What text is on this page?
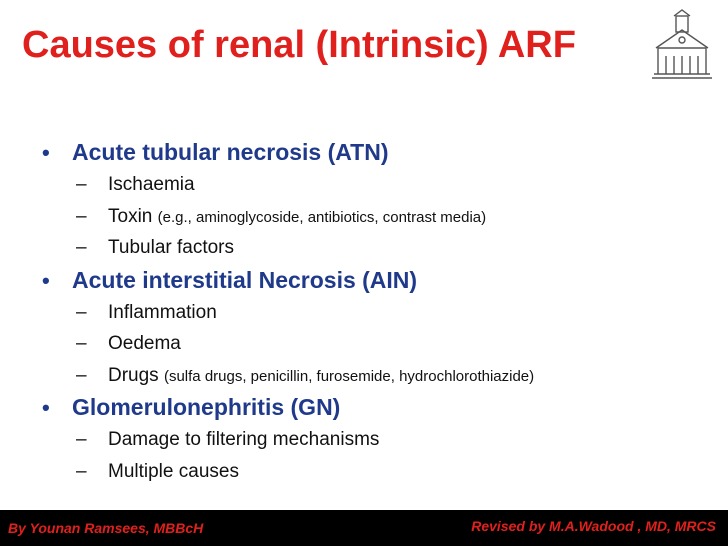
Causes of renal (Intrinsic) ARF
• Acute tubular necrosis (ATN)
– Ischaemia
– Toxin (e.g., aminoglycoside, antibiotics, contrast media)
– Tubular factors
• Acute interstitial Necrosis (AIN)
– Inflammation
– Oedema
– Drugs (sulfa drugs, penicillin, furosemide, hydrochlorothiazide)
• Glomerulonephritis (GN)
– Damage to filtering mechanisms
– Multiple causes
By Younan Ramsees, MBBcH	Revised by M.A.Wadood , MD, MRCS
